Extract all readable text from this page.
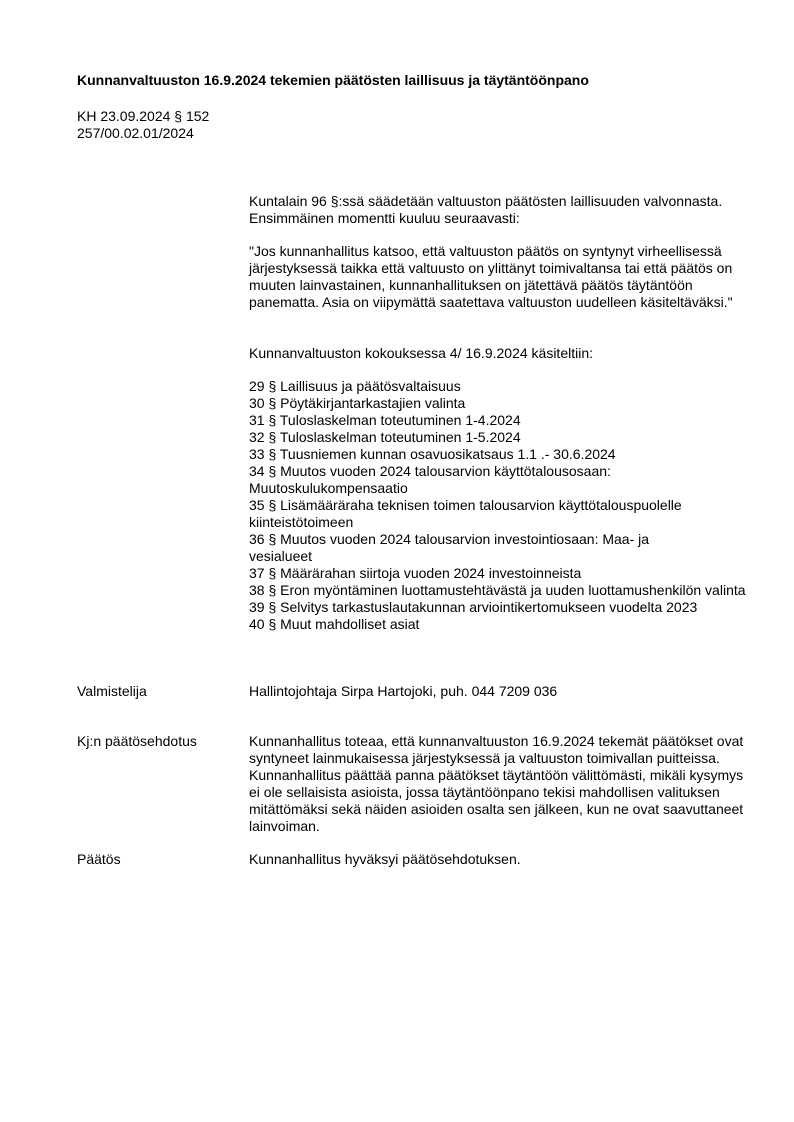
Kunnanvaltuuston 16.9.2024 tekemien päätösten laillisuus ja täytäntöönpano
KH 23.09.2024 § 152
257/00.02.01/2024

Kuntalain 96 §:ssä säädetään valtuuston päätösten laillisuuden valvonnasta. Ensimmäinen momentti kuuluu seuraavasti:

"Jos kunnanhallitus katsoo, että valtuuston päätös on syntynyt virheellisessä järjestyksessä taikka että valtuusto on ylittänyt toimivaltansa tai että päätös on muuten lainvastainen, kunnanhallituksen on jätettävä päätös täytäntöön panematta. Asia on viipymättä saatettava valtuuston uudelleen käsiteltäväksi."

Kunnanvaltuuston kokouksessa 4/ 16.9.2024 käsiteltiin:

29 § Laillisuus ja päätösvaltaisuus
30 § Pöytäkirjantarkastajien valinta
31 § Tuloslaskelman toteutuminen 1-4.2024
32 § Tuloslaskelman toteutuminen 1-5.2024
33 § Tuusniemen kunnan osavuosikatsaus 1.1 .- 30.6.2024
34 § Muutos vuoden 2024 talousarvion käyttötalousosaan: Muutoskulukompensaatio
35 § Lisämääräraha teknisen toimen talousarvion käyttötalouspuolelle kiinteistötoimeen
36 § Muutos vuoden 2024 talousarvion investointiosaan: Maa- ja vesialueet
37 § Määrärahan siirtoja vuoden 2024 investoinneista
38 § Eron myöntäminen luottamustehtävästä ja uuden luottamushenkilön valinta
39 § Selvitys tarkastuslautakunnan arviointikertomukseen vuodelta 2023
40 § Muut mahdolliset asiat
Valmistelija	Hallintojohtaja Sirpa Hartojoki, puh. 044 7209 036
Kj:n päätösehdotus	Kunnanhallitus toteaa, että kunnanvaltuuston 16.9.2024 tekemät päätökset ovat syntyneet lainmukaisessa järjestyksessä ja valtuuston toimivallan puitteissa. Kunnanhallitus päättää panna päätökset täytäntöön välittömästi, mikäli kysymys ei ole sellaisista asioista, jossa täytäntöönpano tekisi mahdollisen valituksen mitättömäksi sekä näiden asioiden osalta sen jälkeen, kun ne ovat saavuttaneet lainvoiman.
Päätös	Kunnanhallitus hyväksyi päätösehdotuksen.
